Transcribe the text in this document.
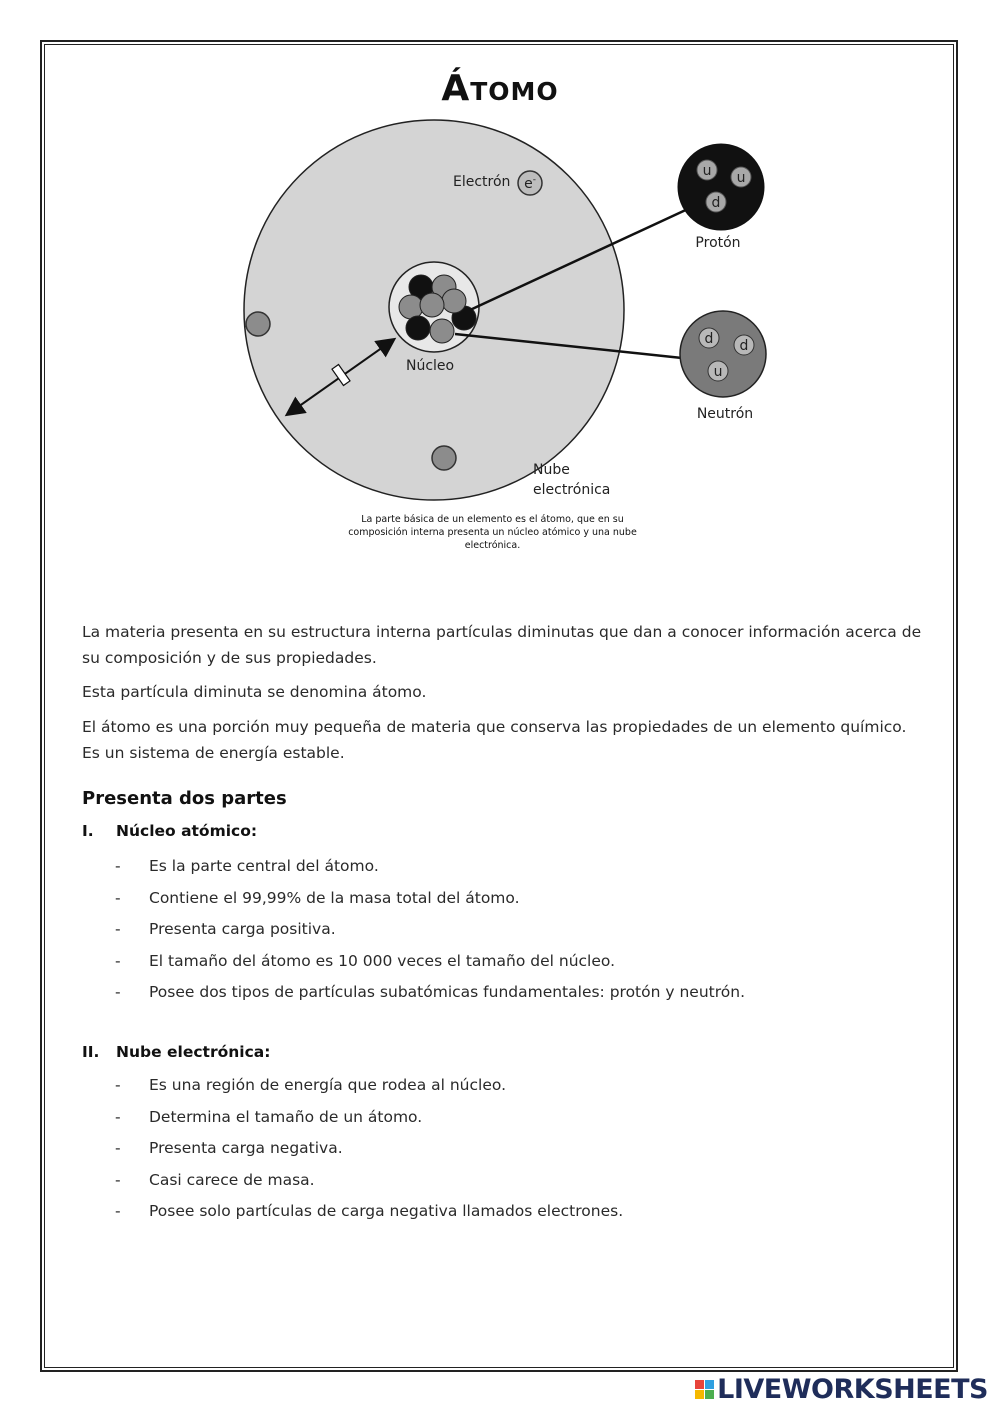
Átomo
e-
Electrón
Núcleo
Nube
electrónica
u u
d
Protón
d d
u
Neutrón
La parte básica de un elemento es el átomo, que en su composición interna presenta un núcleo atómico y una nube electrónica.

La materia presenta en su estructura interna partículas diminutas que dan a conocer información acerca de su composición y de sus propiedades.

Esta partícula diminuta se denomina átomo.

El átomo es una porción muy pequeña de materia que conserva las propiedades de un elemento químico. Es un sistema de energía estable.

Presenta dos partes
I. Núcleo atómico:
- Es la parte central del átomo.
- Contiene el 99,99% de la masa total del átomo.
- Presenta carga positiva.
- El tamaño del átomo es 10 000 veces el tamaño del núcleo.
- Posee dos tipos de partículas subatómicas fundamentales: protón y neutrón.
II. Nube electrónica:
- Es una región de energía que rodea al núcleo.
- Determina el tamaño de un átomo.
- Presenta carga negativa.
- Casi carece de masa.
- Posee solo partículas de carga negativa llamados electrones.
LIVEWORKSHEETS
